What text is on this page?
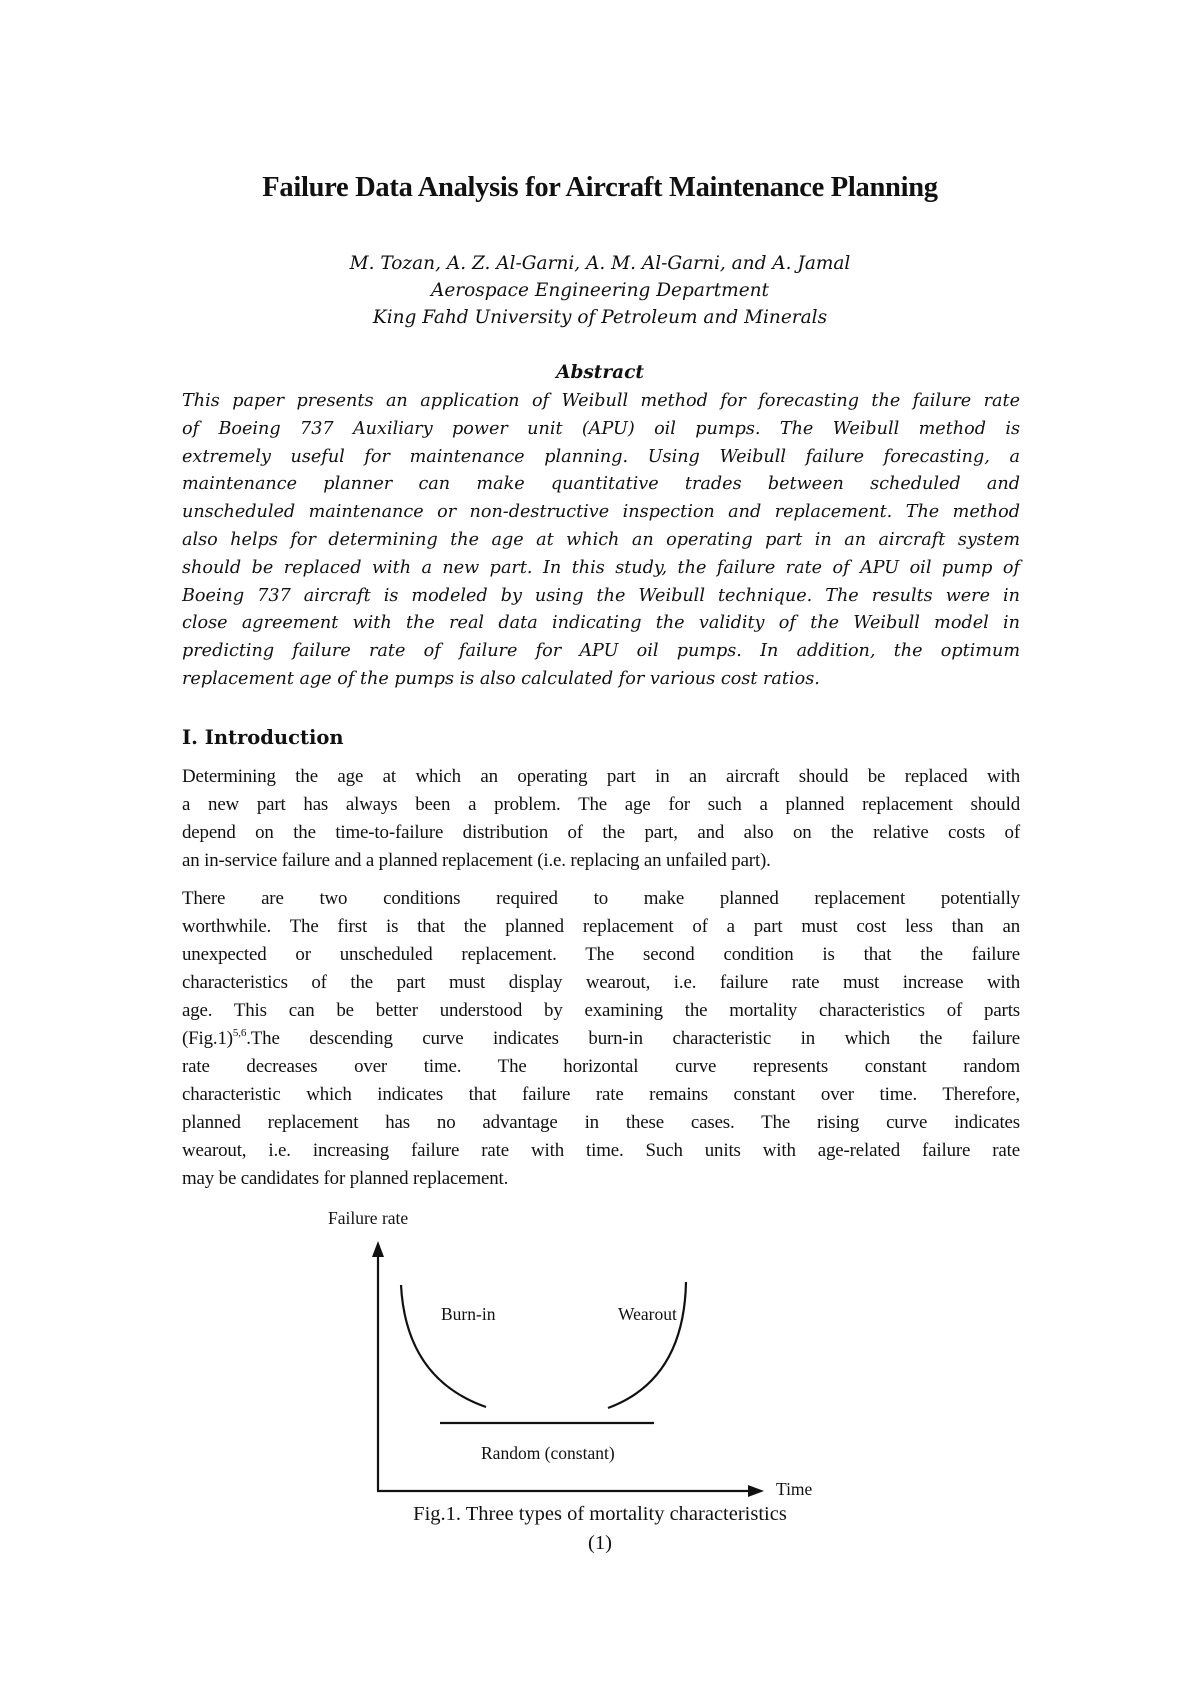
Failure Data Analysis for Aircraft Maintenance Planning
M. Tozan, A. Z. Al-Garni, A. M. Al-Garni, and A. Jamal
Aerospace Engineering Department
King Fahd University of Petroleum and Minerals
Abstract
This paper presents an application of Weibull method for forecasting the failure rate
of Boeing 737 Auxiliary power unit (APU) oil pumps. The Weibull method is
extremely useful for maintenance planning. Using Weibull failure forecasting, a
maintenance planner can make quantitative trades between scheduled and
unscheduled maintenance or non-destructive inspection and replacement. The method
also helps for determining the age at which an operating part in an aircraft system
should be replaced with a new part. In this study, the failure rate of APU oil pump of
Boeing 737 aircraft is modeled by using the Weibull technique. The results were in
close agreement with the real data indicating the validity of the Weibull model in
predicting failure rate of failure for APU oil pumps. In addition, the optimum
replacement age of the pumps is also calculated for various cost ratios.
I. Introduction
Determining the age at which an operating part in an aircraft should be replaced with
a new part has always been a problem. The age for such a planned replacement should
depend on the time-to-failure distribution of the part, and also on the relative costs of
an in-service failure and a planned replacement (i.e. replacing an unfailed part).
There are two conditions required to make planned replacement potentially
worthwhile. The first is that the planned replacement of a part must cost less than an
unexpected or unscheduled replacement. The second condition is that the failure
characteristics of the part must display wearout, i.e. failure rate must increase with
age. This can be better understood by examining the mortality characteristics of parts
$(Fig.1)^{5,6}.The$ descending curve indicates burn-in characteristic in which the failure
rate decreases over time. The horizontal curve represents constant random
characteristic which indicates that failure rate remains constant over time. Therefore,
planned replacement has no advantage in these cases. The rising curve indicates
wearout, i.e. increasing failure rate with time. Such units with age-related failure rate
may be candidates for planned replacement.
Failure rate
Burn-in	Wearout
Random (constant)
Time
Fig.1. Three types of mortality characteristics
(1)
